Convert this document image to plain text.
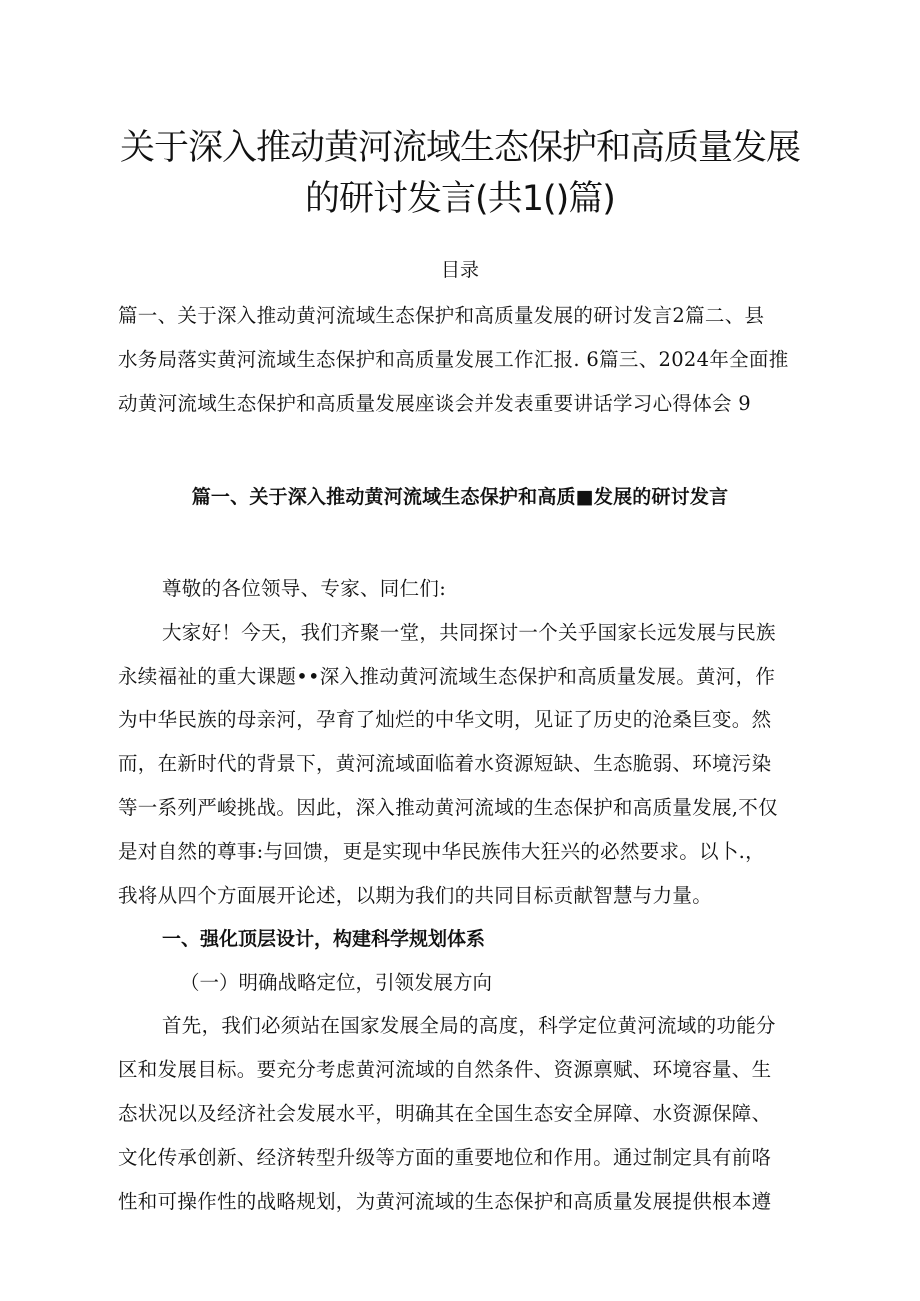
关于深入推动黄河流域生态保护和高质量发展
的研讨发言(共1()篇)
目录
篇一、关于深入推动黄河流域生态保护和高质量发展的研讨发言2篇二、县
水务局落实黄河流域生态保护和高质量发展工作汇报. 6篇三、2024年全面推
动黄河流域生态保护和高质量发展座谈会并发表重要讲话学习心得体会 9
篇一、关于深入推动黄河流域生态保护和高质■发展的研讨发言
尊敬的各位领导、专家、同仁们:
大家好！今天，我们齐聚一堂，共同探讨一个关乎国家长远发展与民族
永续福祉的重大课题••深入推动黄河流域生态保护和高质量发展。黄河，作
为中华民族的母亲河，孕育了灿烂的中华文明，见证了历史的沧桑巨变。然
而，在新时代的背景下，黄河流域面临着水资源短缺、生态脆弱、环境污染
等一系列严峻挑战。因此，深入推动黄河流域的生态保护和高质量发展,不仅
是对自然的尊事:与回馈，更是实现中华民族伟大狂兴的必然要求。以卜.，
我将从四个方面展开论述，以期为我们的共同目标贡献智慧与力量。
一、强化顶层设计，构建科学规划体系
（一）明确战略定位，引领发展方向
首先，我们必须站在国家发展全局的高度，科学定位黄河流域的功能分
区和发展目标。要充分考虑黄河流域的自然条件、资源禀赋、环境容量、生
态状况以及经济社会发展水平，明确其在全国生态安全屏障、水资源保障、
文化传承创新、经济转型升级等方面的重要地位和作用。通过制定具有前咯
性和可操作性的战略规划，为黄河流域的生态保护和高质量发展提供根本遵
